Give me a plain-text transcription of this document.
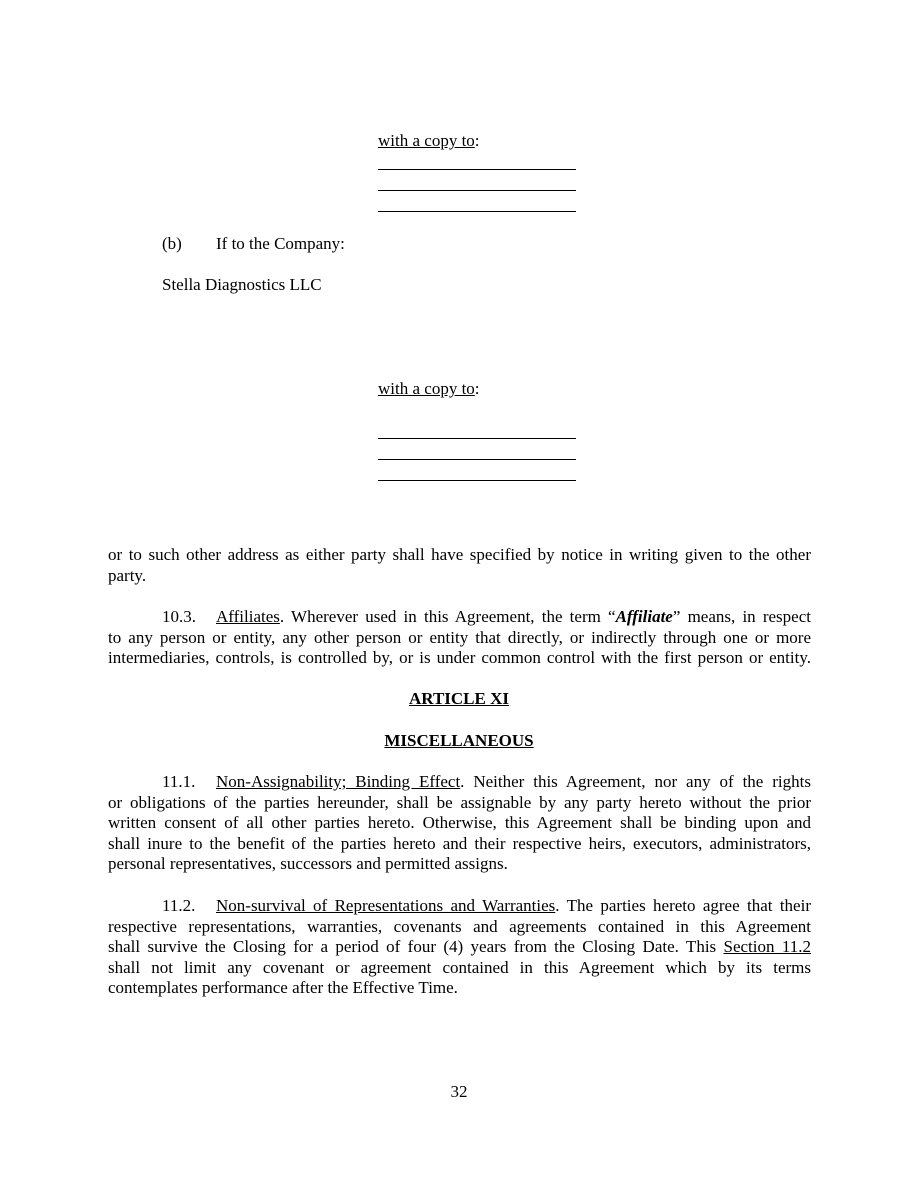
with a copy to:
(b) If to the Company:
Stella Diagnostics LLC
with a copy to:
or to such other address as either party shall have specified by notice in writing given to the other
party.
10.3. Affiliates. Wherever used in this Agreement, the term “Affiliate” means, in respect
to any person or entity, any other person or entity that directly, or indirectly through one or more
intermediaries, controls, is controlled by, or is under common control with the first person or entity.
ARTICLE XI
MISCELLANEOUS
11.1. Non-Assignability; Binding Effect. Neither this Agreement, nor any of the rights
or obligations of the parties hereunder, shall be assignable by any party hereto without the prior
written consent of all other parties hereto. Otherwise, this Agreement shall be binding upon and
shall inure to the benefit of the parties hereto and their respective heirs, executors, administrators,
personal representatives, successors and permitted assigns.
11.2. Non-survival of Representations and Warranties. The parties hereto agree that their
respective representations, warranties, covenants and agreements contained in this Agreement
shall survive the Closing for a period of four (4) years from the Closing Date. This Section 11.2
shall not limit any covenant or agreement contained in this Agreement which by its terms
contemplates performance after the Effective Time.
32
